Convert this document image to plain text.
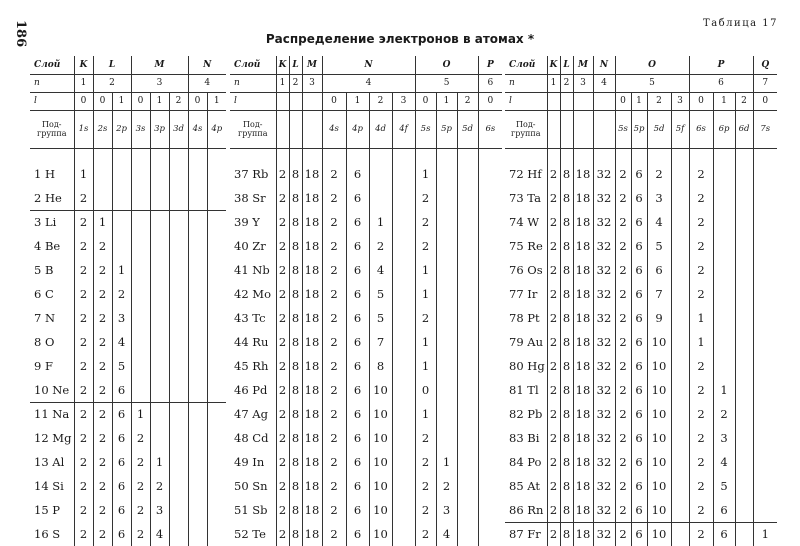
186	Распределение электронов в атомах *
Таблица 17
Слой	K	L		M			N	
n	1	2		3			4	
l	0	0	1	0	1	2	0	1
Под-группа	1s	2s	2p	3s	3p	3d	4s	4p

1 H	1							
2 He	2							
3 Li	2	1						
4 Be	2	2						
5 B	2	2	1					
6 C	2	2	2					
7 N	2	2	3					
8 O	2	2	4					
9 F	2	2	5					
10 Ne	2	2	6					
11 Na	2	2	6	1				
12 Mg	2	2	6	2				
13 Al	2	2	6	2	1			
14 Si	2	2	6	2	2			
15 P	2	2	6	2	3			
16 S	2	2	6	2	4			
Слой	K	L	M	N				O			P
n	1	2	3	4				5			6
l				0	1	2	3	0	1	2	0
Под-группа				4s	4p	4d	4f	5s	5p	5d	6s

37 Rb	2	8	18	2	6			1			
38 Sr	2	8	18	2	6			2			
39 Y	2	8	18	2	6	1		2			
40 Zr	2	8	18	2	6	2		2			
41 Nb	2	8	18	2	6	4		1			
42 Mo	2	8	18	2	6	5		1			
43 Tc	2	8	18	2	6	5		2			
44 Ru	2	8	18	2	6	7		1			
45 Rh	2	8	18	2	6	8		1			
46 Pd	2	8	18	2	6	10		0			
47 Ag	2	8	18	2	6	10		1			
48 Cd	2	8	18	2	6	10		2			
49 In	2	8	18	2	6	10		2	1		
50 Sn	2	8	18	2	6	10		2	2		
51 Sb	2	8	18	2	6	10		2	3		
52 Te	2	8	18	2	6	10		2	4		
Слой	K	L	M	N	O				P			Q
n	1	2	3	4	5				6			7
l					0	1	2	3	0	1	2	0
Под-группа					5s	5p	5d	5f	6s	6p	6d	7s

72 Hf	2	8	18	32	2	6	2		2			
73 Ta	2	8	18	32	2	6	3		2			
74 W	2	8	18	32	2	6	4		2			
75 Re	2	8	18	32	2	6	5		2			
76 Os	2	8	18	32	2	6	6		2			
77 Ir	2	8	18	32	2	6	7		2			
78 Pt	2	8	18	32	2	6	9		1			
79 Au	2	8	18	32	2	6	10		1			
80 Hg	2	8	18	32	2	6	10		2			
81 Tl	2	8	18	32	2	6	10		2	1		
82 Pb	2	8	18	32	2	6	10		2	2		
83 Bi	2	8	18	32	2	6	10		2	3		
84 Po	2	8	18	32	2	6	10		2	4		
85 At	2	8	18	32	2	6	10		2	5		
86 Rn	2	8	18	32	2	6	10		2	6		
87 Fr	2	8	18	32	2	6	10		2	6		1
